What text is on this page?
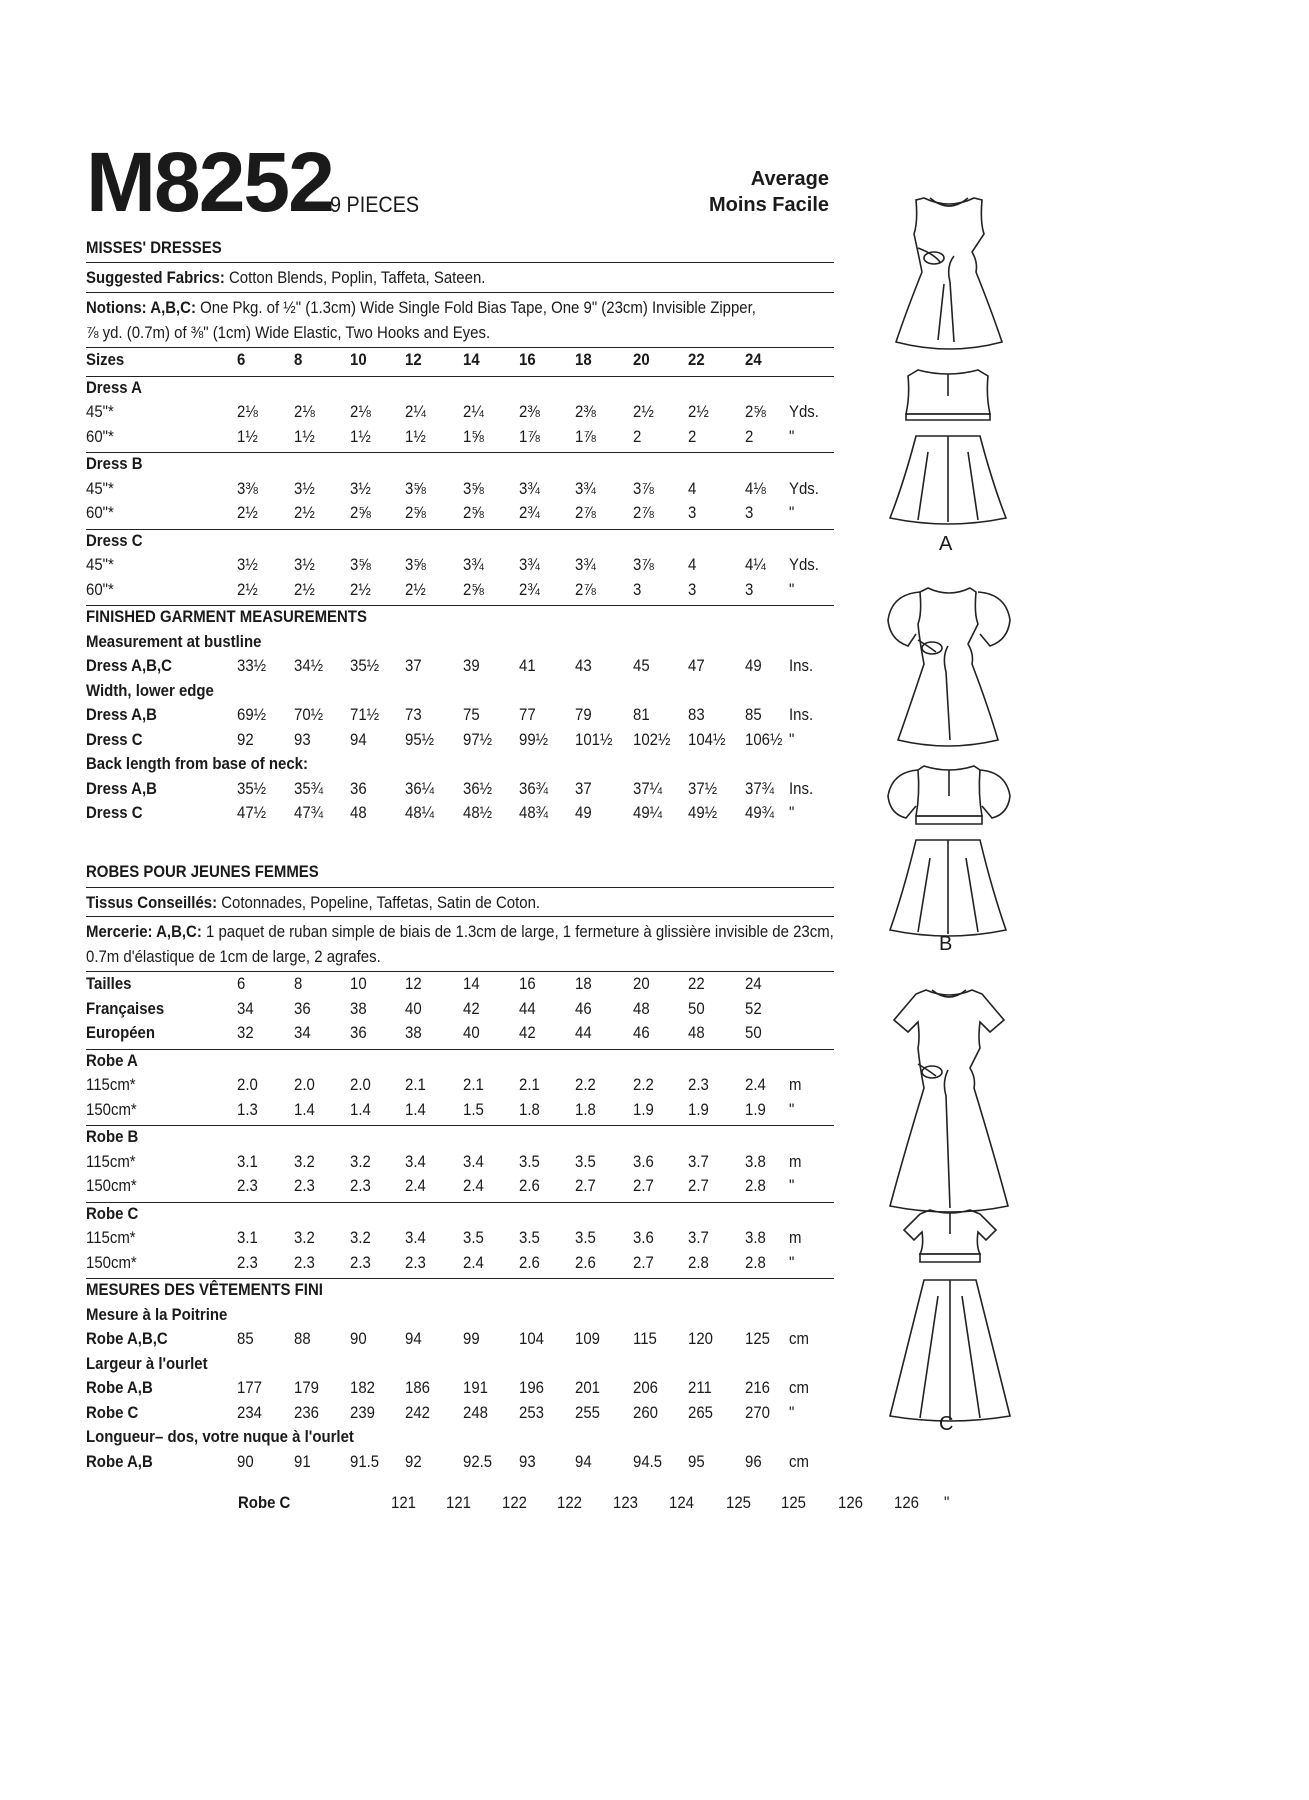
M8252
9 PIECES
Average
Moins Facile
MISSES' DRESSES
Suggested Fabrics: Cotton Blends, Poplin, Taffeta, Sateen.
Notions: A,B,C: One Pkg. of ½" (1.3cm) Wide Single Fold Bias Tape, One 9" (23cm) Invisible Zipper,
⅞ yd. (0.7m) of ⅜" (1cm) Wide Elastic, Two Hooks and Eyes.
Sizes	6	8	10 12 14 16 18 20 22 24
Dress A
45"*	2⅛ 2⅛ 2⅛ 2¼ 2¼ 2⅜ 2⅜ 2½ 2½ 2⅝ Yds.
60"*	1½ 1½ 1½ 1½ 1⅝ 1⅞ 1⅞ 2	2	2 "
Dress B
45"*	3⅜ 3½ 3½ 3⅝ 3⅝ 3¾ 3¾ 3⅞ 4	4⅛ Yds.
60"*	2½ 2½ 2⅝ 2⅝ 2⅝ 2¾ 2⅞ 2⅞ 3	3 "
Dress C
45"*	3½ 3½ 3⅝ 3⅝ 3¾ 3¾ 3¾ 3⅞ 4	4¼ Yds.
60"*	2½ 2½ 2½ 2½ 2⅝ 2¾ 2⅞ 3	3	3 "
FINISHED GARMENT MEASUREMENTS
Measurement at bustline
Dress A,B,C	33½ 34½ 35½ 37 39 41 43 45 47 49 Ins.
Width, lower edge
Dress A,B	69½ 70½ 71½ 73 75 77 79 81 83 85 Ins.
Dress C	92 93 94 95½ 97½ 99½ 101½ 102½ 104½ 106½ "
Back length from base of neck:
Dress A,B	35½ 35¾ 36 36¼ 36½ 36¾ 37 37¼ 37½ 37¾ Ins.
Dress C	47½ 47¾ 48 48¼ 48½ 48¾ 49 49¼ 49½ 49¾ "
ROBES POUR JEUNES FEMMES
Tissus Conseillés: Cotonnades, Popeline, Taffetas, Satin de Coton.
Mercerie: A,B,C: 1 paquet de ruban simple de biais de 1.3cm de large, 1 fermeture à glissière invisible de 23cm,
0.7m d'élastique de 1cm de large, 2 agrafes.
Tailles	6	8	10 12 14 16 18 20 22 24
Françaises	34 36 38 40 42 44 46 48 50 52
Européen	32 34 36 38 40 42 44 46 48 50
Robe A
115cm*	2.0 2.0 2.0 2.1 2.1 2.1 2.2 2.2 2.3 2.4 m
150cm*	1.3 1.4 1.4 1.4 1.5 1.8 1.8 1.9 1.9 1.9 "
Robe B
115cm*	3.1 3.2 3.2 3.4 3.4 3.5 3.5 3.6 3.7 3.8 m
150cm*	2.3 2.3 2.3 2.4 2.4 2.6 2.7 2.7 2.7 2.8 "
Robe C
115cm*	3.1 3.2 3.2 3.4 3.5 3.5 3.5 3.6 3.7 3.8 m
150cm*	2.3 2.3 2.3 2.3 2.4 2.6 2.6 2.7 2.8 2.8 "
MESURES DES VÊTEMENTS FINI
Mesure à la Poitrine
Robe A,B,C	85 88 90 94 99 104 109 115 120 125 cm
Largeur à l'ourlet
Robe A,B	177 179 182 186 191 196 201 206 211 216 cm
Robe C	234 236 239 242 248 253 255 260 265 270 "
Longueur– dos, votre nuque à l'ourlet
Robe A,B	90 91 91.5 92 92.5 93 94 94.5 95 96 cm
Robe C	121 121 122 122 123 124 125 125 126 126 "
A
B
C
